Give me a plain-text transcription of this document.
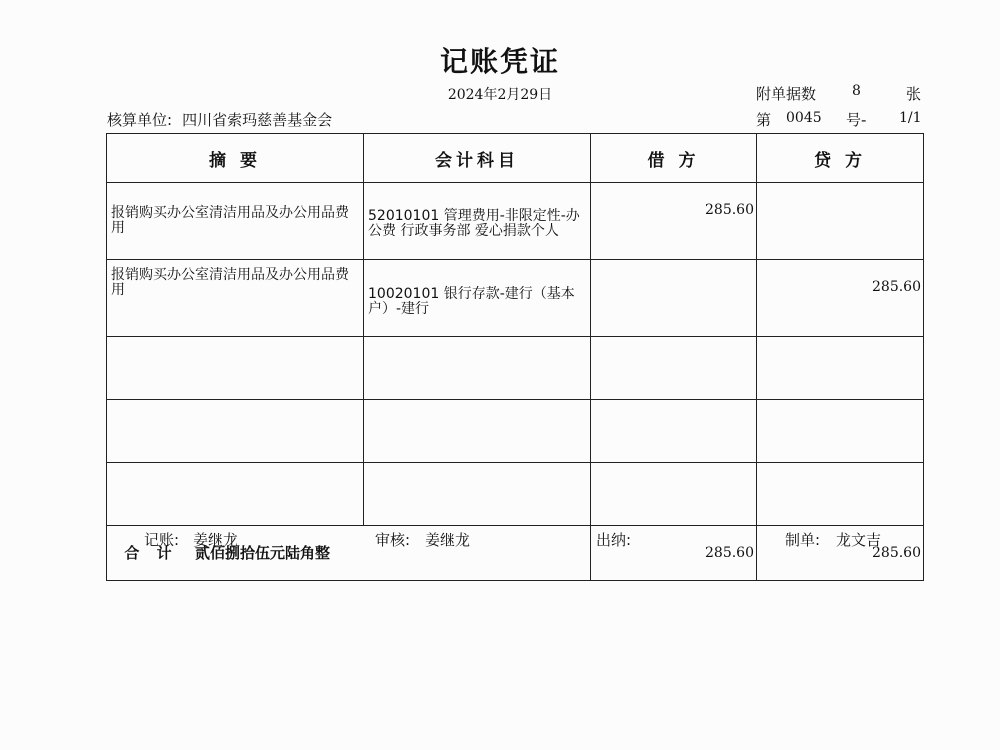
记账凭证
2024年2月29日	附单据数	8	张
核算单位: 四川省索玛慈善基金会	第 0045 号- 1/1
摘 要	会计科目	借 方	贷 方
报销购买办公室清洁用品及办公用品费用	52010101 管理费用-非限定性-办公费 行政事务部 爱心捐款个人	285.60	
报销购买办公室清洁用品及办公用品费用	10020101 银行存款-建行（基本户）-建行		285.60

合 计 贰佰捌拾伍元陆角整		285.60	285.60
记账: 姜继龙	审核: 姜继龙	出纳:	制单: 龙文吉
